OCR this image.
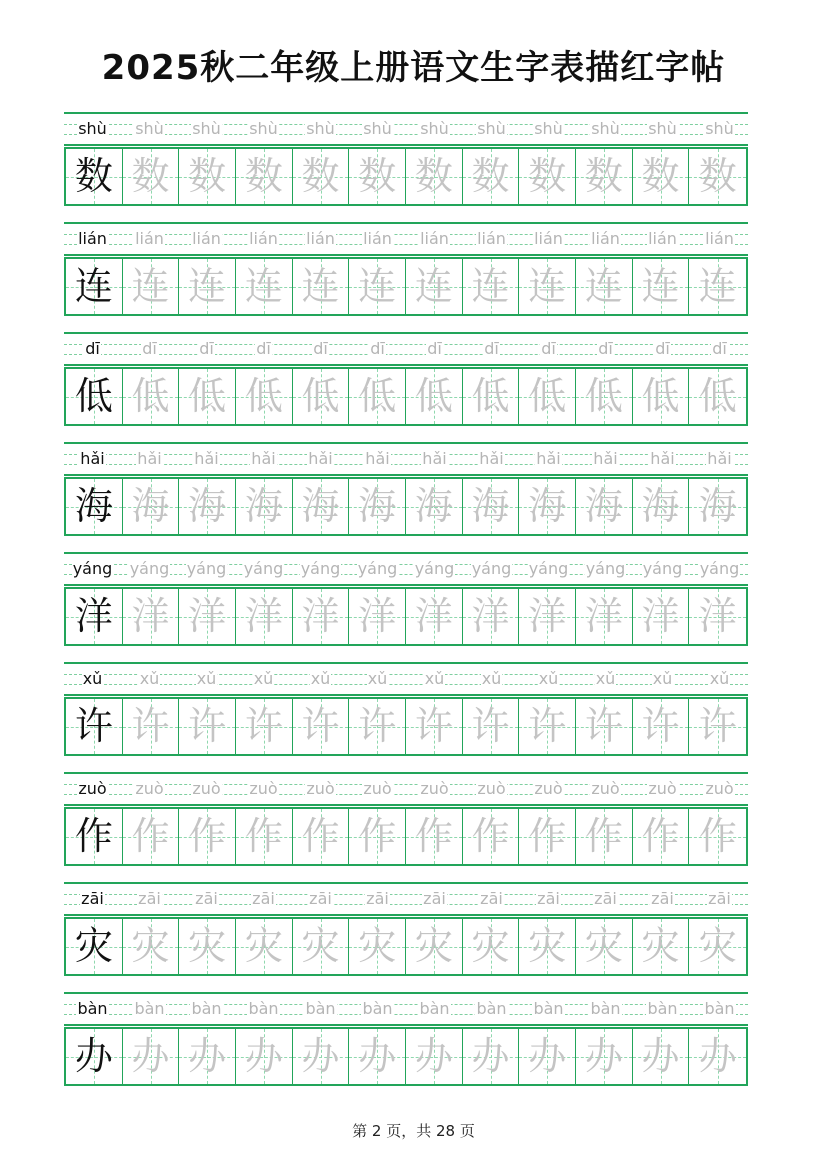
2025秋二年级上册语文生字表描红字帖
shù	shù	shù	shù	shù	shù	shù	shù	shù	shù	shù	shù
数 数 数 数 数 数 数 数 数 数 数 数
lián	lián	lián	lián	lián	lián	lián	lián	lián	lián	lián	lián
连 连 连 连 连 连 连 连 连 连 连 连
dī	dī	dī	dī	dī	dī	dī	dī	dī	dī	dī	dī
低 低 低 低 低 低 低 低 低 低 低 低
hǎi	hǎi	hǎi	hǎi	hǎi	hǎi	hǎi	hǎi	hǎi	hǎi	hǎi	hǎi
海 海 海 海 海 海 海 海 海 海 海 海
yáng	yáng	yáng	yáng	yáng	yáng	yáng	yáng	yáng	yáng	yáng	yáng
洋 洋 洋 洋 洋 洋 洋 洋 洋 洋 洋 洋
xǔ	xǔ	xǔ	xǔ	xǔ	xǔ	xǔ	xǔ	xǔ	xǔ	xǔ	xǔ
许 许 许 许 许 许 许 许 许 许 许 许
zuò	zuò	zuò	zuò	zuò	zuò	zuò	zuò	zuò	zuò	zuò	zuò
作 作 作 作 作 作 作 作 作 作 作 作
zāi	zāi	zāi	zāi	zāi	zāi	zāi	zāi	zāi	zāi	zāi	zāi
灾 灾 灾 灾 灾 灾 灾 灾 灾 灾 灾 灾
bàn	bàn	bàn	bàn	bàn	bàn	bàn	bàn	bàn	bàn	bàn	bàn
办 办 办 办 办 办 办 办 办 办 办 办
第 2 页，共 28 页
